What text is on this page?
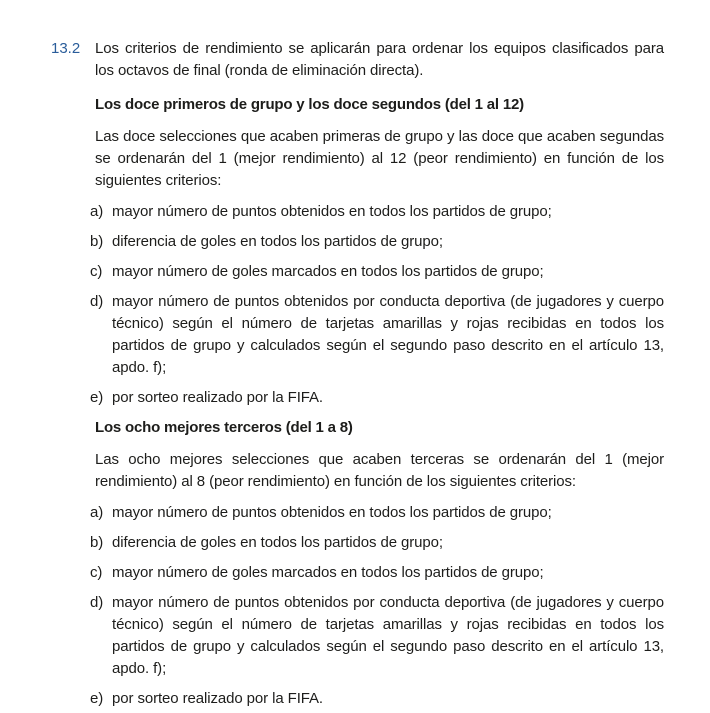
13.2 Los criterios de rendimiento se aplicarán para ordenar los equipos clasificados para los octavos de final (ronda de eliminación directa).

Los doce primeros de grupo y los doce segundos (del 1 al 12)

Las doce selecciones que acaben primeras de grupo y las doce que acaben segundas se ordenarán del 1 (mejor rendimiento) al 12 (peor rendimiento) en función de los siguientes criterios:

a) mayor número de puntos obtenidos en todos los partidos de grupo;
b) diferencia de goles en todos los partidos de grupo;
c) mayor número de goles marcados en todos los partidos de grupo;
d) mayor número de puntos obtenidos por conducta deportiva (de jugadores y cuerpo técnico) según el número de tarjetas amarillas y rojas recibidas en todos los partidos de grupo y calculados según el segundo paso descrito en el artículo 13, apdo. f);
e) por sorteo realizado por la FIFA.

Los ocho mejores terceros (del 1 a 8)

Las ocho mejores selecciones que acaben terceras se ordenarán del 1 (mejor rendimiento) al 8 (peor rendimiento) en función de los siguientes criterios:

a) mayor número de puntos obtenidos en todos los partidos de grupo;
b) diferencia de goles en todos los partidos de grupo;
c) mayor número de goles marcados en todos los partidos de grupo;
d) mayor número de puntos obtenidos por conducta deportiva (de jugadores y cuerpo técnico) según el número de tarjetas amarillas y rojas recibidas en todos los partidos de grupo y calculados según el segundo paso descrito en el artículo 13, apdo. f);
e) por sorteo realizado por la FIFA.
